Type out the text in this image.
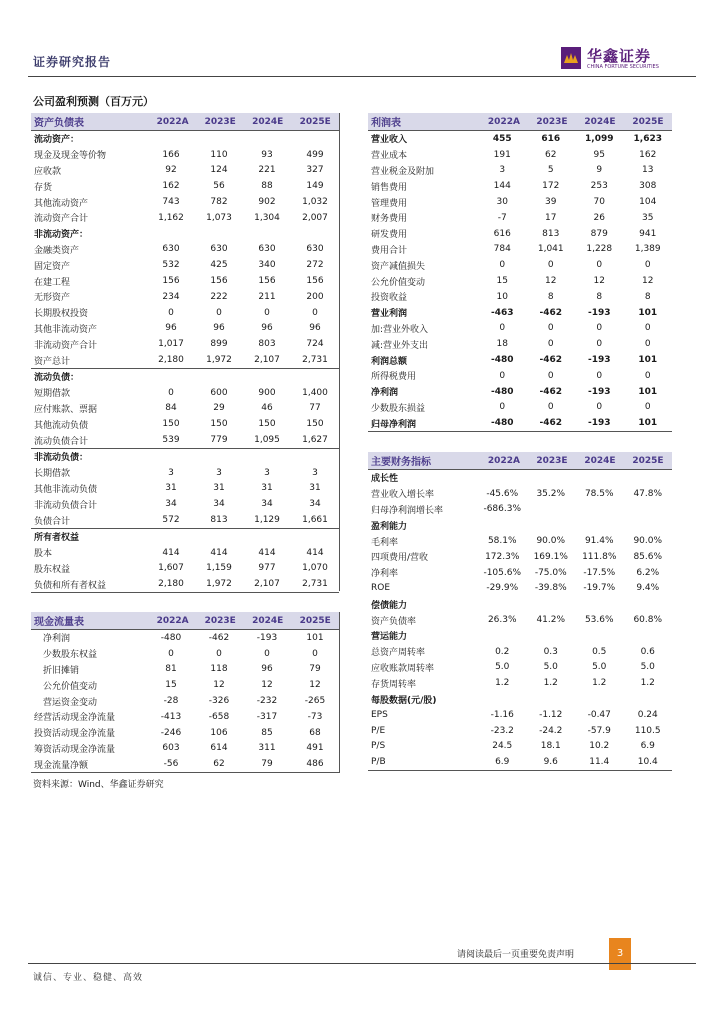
证券研究报告	华鑫证券
CHINA FORTUNE SECURITIES
公司盈利预测（百万元）
资产负债表	2022A	2023E	2024E	2025E
流动资产：
现金及现金等价物	166	110	93	499
应收款	92	124	221	327
存货	162	56	88	149
其他流动资产	743	782	902	1,032
流动资产合计	1,162	1,073	1,304	2,007
非流动资产：
金融类资产	630	630	630	630
固定资产	532	425	340	272
在建工程	156	156	156	156
无形资产	234	222	211	200
长期股权投资	0	0	0	0
其他非流动资产	96	96	96	96
非流动资产合计	1,017	899	803	724
资产总计	2,180	1,972	2,107	2,731
流动负债：
短期借款	0	600	900	1,400
应付账款、票据	84	29	46	77
其他流动负债	150	150	150	150
流动负债合计	539	779	1,095	1,627
非流动负债：
长期借款	3	3	3	3
其他非流动负债	31	31	31	31
非流动负债合计	34	34	34	34
负债合计	572	813	1,129	1,661
所有者权益
股本	414	414	414	414
股东权益	1,607	1,159	977	1,070
负债和所有者权益	2,180	1,972	2,107	2,731
现金流量表	2022A	2023E	2024E	2025E
净利润	-480	-462	-193	101
少数股东权益	0	0	0	0
折旧摊销	81	118	96	79
公允价值变动	15	12	12	12
营运资金变动	-28	-326	-232	-265
经营活动现金净流量	-413	-658	-317	-73
投资活动现金净流量	-246	106	85	68
筹资活动现金净流量	603	614	311	491
现金流量净额	-56	62	79	486
利润表	2022A	2023E	2024E	2025E
营业收入	455	616	1,099	1,623
营业成本	191	62	95	162
营业税金及附加	3	5	9	13
销售费用	144	172	253	308
管理费用	30	39	70	104
财务费用	-7	17	26	35
研发费用	616	813	879	941
费用合计	784	1,041	1,228	1,389
资产减值损失	0	0	0	0
公允价值变动	15	12	12	12
投资收益	10	8	8	8
营业利润	-463	-462	-193	101
加:营业外收入	0	0	0	0
减:营业外支出	18	0	0	0
利润总额	-480	-462	-193	101
所得税费用	0	0	0	0
净利润	-480	-462	-193	101
少数股东损益	0	0	0	0
归母净利润	-480	-462	-193	101
主要财务指标	2022A	2023E	2024E	2025E
成长性
营业收入增长率	-45.6%	35.2%	78.5%	47.8%
归母净利润增长率	-686.3%
盈利能力
毛利率	58.1%	90.0%	91.4%	90.0%
四项费用/营收	172.3%	169.1%	111.8%	85.6%
净利率	-105.6%	-75.0%	-17.5%	6.2%
ROE	-29.9%	-39.8%	-19.7%	9.4%
偿债能力
资产负债率	26.3%	41.2%	53.6%	60.8%
营运能力
总资产周转率	0.2	0.3	0.5	0.6
应收账款周转率	5.0	5.0	5.0	5.0
存货周转率	1.2	1.2	1.2	1.2
每股数据(元/股)
EPS	-1.16	-1.12	-0.47	0.24
P/E	-23.2	-24.2	-57.9	110.5
P/S	24.5	18.1	10.2	6.9
P/B	6.9	9.6	11.4	10.4
资料来源：Wind、华鑫证券研究
请阅读最后一页重要免责声明	3
诚信、专业、稳健、高效
